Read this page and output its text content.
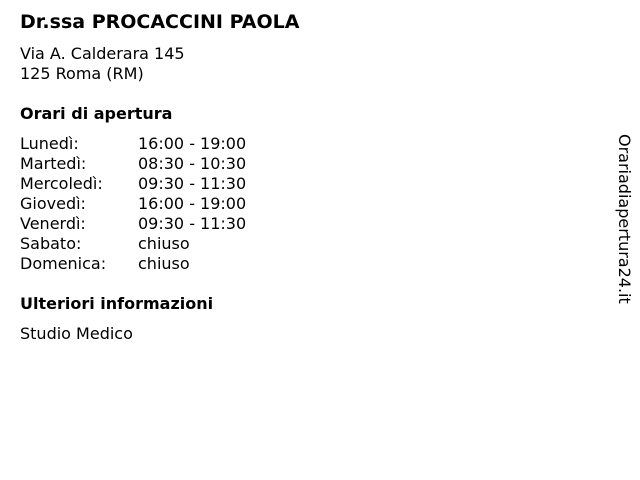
Dr.ssa PROCACCINI PAOLA
Via A. Calderara 145
125 Roma (RM)
Orari di apertura
Lunedì:	16:00 - 19:00
Martedì:	08:30 - 10:30
Mercoledì:	09:30 - 11:30
Giovedì:	16:00 - 19:00
Venerdì:	09:30 - 11:30
Sabato:	chiuso
Domenica:	chiuso
Ulteriori informazioni
Studio Medico
Orariadiapertura24.it
